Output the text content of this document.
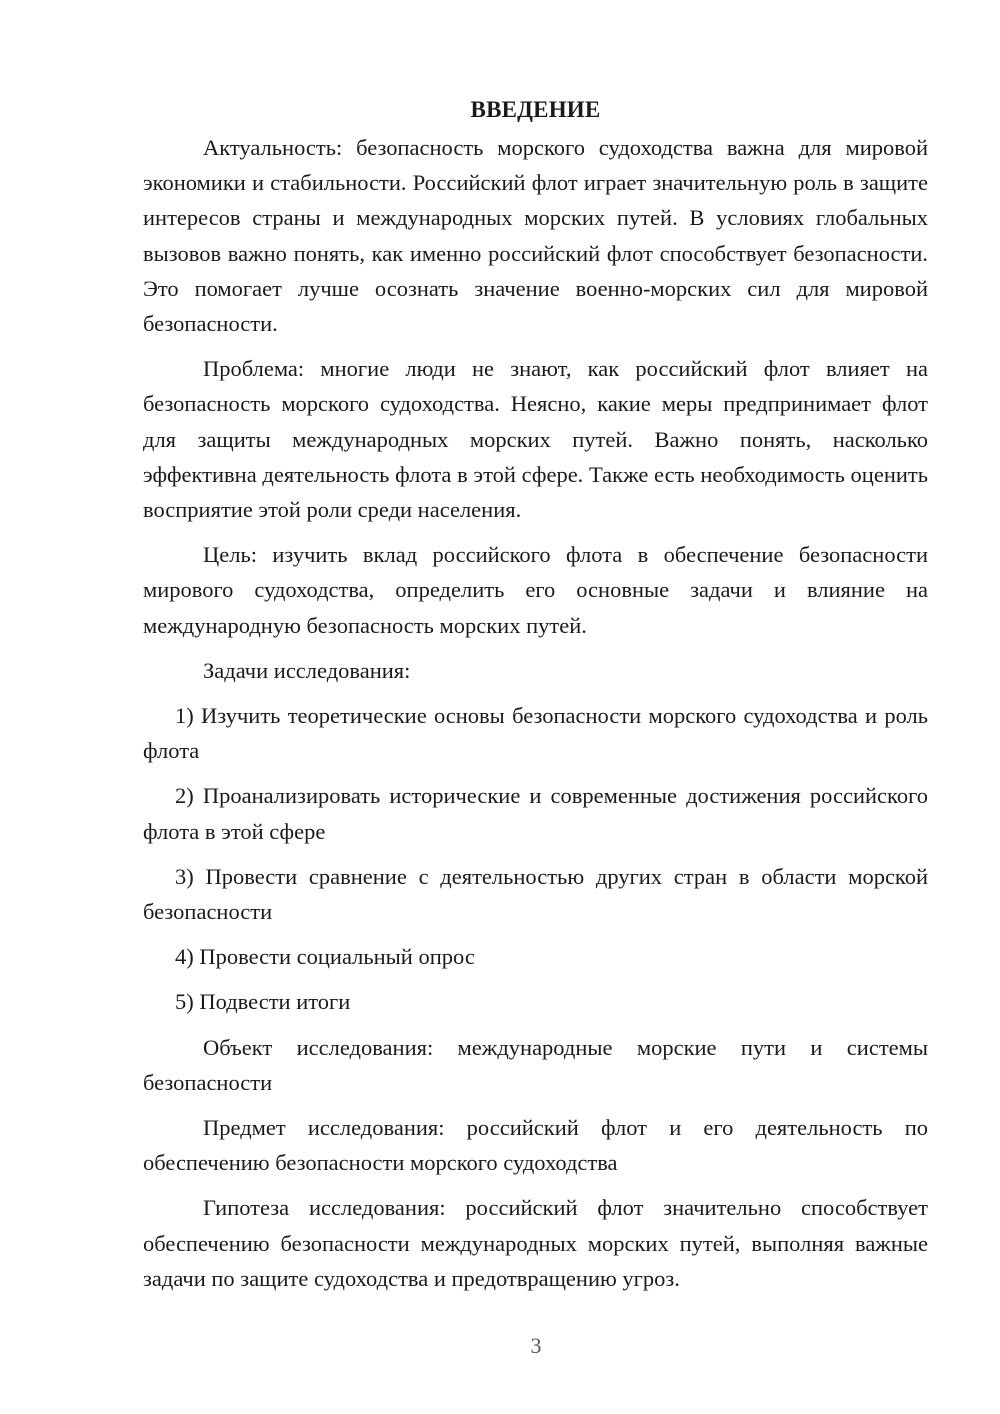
ВВЕДЕНИЕ

Актуальность: безопасность морского судоходства важна для мировой экономики и стабильности. Российский флот играет значительную роль в защите интересов страны и международных морских путей. В условиях глобальных вызовов важно понять, как именно российский флот способствует безопасности. Это помогает лучше осознать значение военно-морских сил для мировой безопасности.

Проблема: многие люди не знают, как российский флот влияет на безопасность морского судоходства. Неясно, какие меры предпринимает флот для защиты международных морских путей. Важно понять, насколько эффективна деятельность флота в этой сфере. Также есть необходимость оценить восприятие этой роли среди населения.

Цель: изучить вклад российского флота в обеспечение безопасности мирового судоходства, определить его основные задачи и влияние на международную безопасность морских путей.

Задачи исследования:

1) Изучить теоретические основы безопасности морского судоходства и роль флота

2) Проанализировать исторические и современные достижения российского флота в этой сфере

3) Провести сравнение с деятельностью других стран в области морской безопасности

4) Провести социальный опрос

5) Подвести итоги

Объект исследования: международные морские пути и системы безопасности

Предмет исследования: российский флот и его деятельность по обеспечению безопасности морского судоходства

Гипотеза исследования: российский флот значительно способствует обеспечению безопасности международных морских путей, выполняя важные задачи по защите судоходства и предотвращению угроз.

3
